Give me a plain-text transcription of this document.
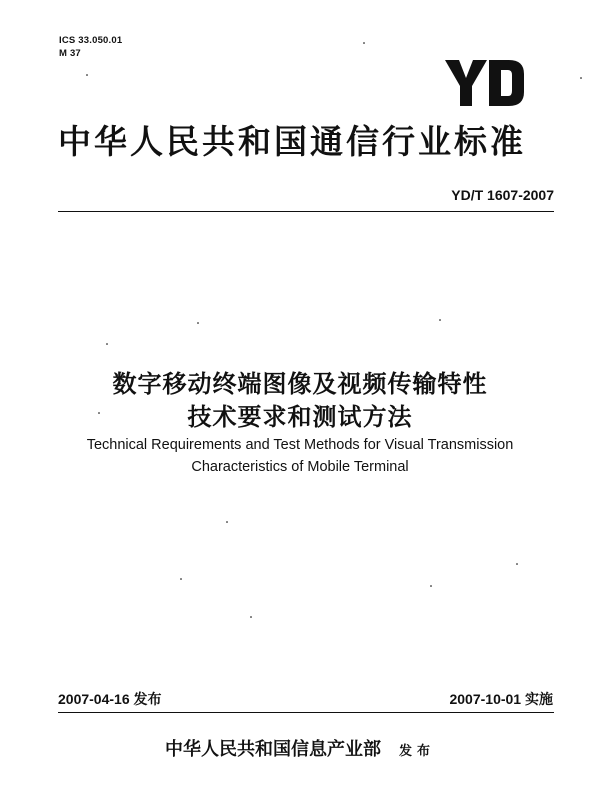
ICS 33.050.01
M 37
中华人民共和国通信行业标准
YD/T 1607-2007
数字移动终端图像及视频传输特性
技术要求和测试方法
Technical Requirements and Test Methods for Visual Transmission
Characteristics of Mobile Terminal
2007-04-16 发布	2007-10-01 实施
中华人民共和国信息产业部 发布
